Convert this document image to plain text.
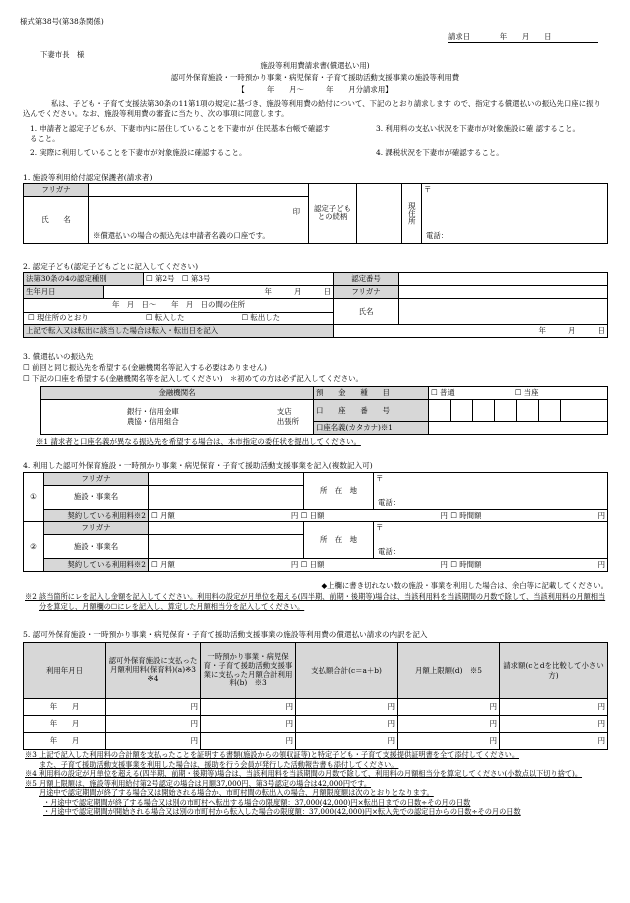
様式第38号(第38条関係)
請求日　　　　年　　月　　日
下妻市長　様
施設等利用費請求書(償還払い用)
認可外保育施設・一時預かり事業・病児保育・子育て援助活動支援事業の施設等利用費
【　　　年　　月～　　　年　　月分請求用】
私は、子ども・子育て支援法第30条の11第1項の規定に基づき、施設等利用費の給付について、下記のとおり請求します ので、指定する償還払いの振込先口座に振り込んでください。なお、施設等利用費の審査に当たり、次の事項に同意します。
1. 申請者と認定子どもが、下妻市内に居住していることを下妻市が 住民基本台帳で確認すること。
2. 実際に利用していることを下妻市が対象施設に確認すること。
3. 利用料の支払い状況を下妻市が対象施設に確 認すること。
4. 課税状況を下妻市が確認すること。
1. 施設等利用給付認定保護者(請求者)
フリガナ		認定子どもとの続柄		現住所	〒
電話：

氏　　名	印
※償還払いの場合の振込先は申請者名義の口座です。				
2. 認定子ども(認定子どもごとに記入してください)
法第30条の4の認定種別		☐ 第2号　 ☐ 第3号	認定番号	
生年月日	年　　　月　　　日		フリガナ	

年　月　日～　　年　月　日の間の住所
☐ 現住所のとおり ☐ 転入した ☐ 転出した			氏名	
上記で転入又は転出に該当した場合は転入・転出日を記入			年　　　月　　　日	
3. 償還払いの振込先
☐ 前回と同じ振込先を希望する(金融機関名等記入する必要はありません)
☐ 下記の口座を希望する(金融機関名等を記入してください)　＊初めての方は必ず記入してください。
金融機関名	預　　金　　種　　目	☐ 普通 ☐ 当座						

銀行・信用金庫
農協・信用組合
支店
出張所	口　　座　　番　　号							
	口座名義(カタカナ)※1							
※1 請求者と口座名義が異なる振込先を希望する場合は、本市指定の委任状を提出してください。
4. 利用した認可外保育施設・一時預かり事業・病児保育・子育て援助活動支援事業を記入(複数記入可)
①	フリガナ		所　在　地	〒
電話：

	施設・事業名			
	契約している利用料※2	☐ 月額 円 ☐ 日額 円 ☐ 時間額 円		

②	フリガナ		所　在　地	〒
電話：

	施設・事業名			
	契約している利用料※2	☐ 月額 円 ☐ 日額 円 ☐ 時間額 円		
◆上欄に書き切れない数の施設・事業を利用した場合は、余白等に記載してください。
※2 該当箇所にレを記入し金額を記入してください。利用料の設定が月単位を超える(四半期、前期・後期等)場合は、当該利用料を当該期間の月数で除して、当該利用料の月額相当分を算定し、月額欄の☐にレを記入し、算定した月額相当分を記入してください。
5. 認可外保育施設・一時預かり事業・病児保育・子育て援助活動支援事業の施設等利用費の償還払い請求の内訳を記入
利用年月日	認可外保育施設に支払った月額利用料(保育料)(a)※3 ※4	一時預かり事業・病児保育・子育て援助活動支援事業に支払った月額合計利用料(b)　※3	支払額合計(c＝a＋b)	月額上限額(d)　※5	請求額(cとdを比較して小さい方)
年　　月	円	円	円	円	円
年　　月	円	円	円	円	円
年　　月	円	円	円	円	円
※3 上記で記入した利用料の合計額を支払ったことを証明する書類(施設からの領収証等)と特定子ども・子育て支援提供証明書を全て添付してください。
また、子育て援助活動支援事業を利用した場合は、援助を行う会員が発行した活動報告書も添付してください。
※4 利用料の設定が月単位を超える(四半期、前期・後期等)場合は、当該利用料を当該期間の月数で除して、利用料の月額相当分を算定してください(小数点以下切り捨て)。
※5 月額上限額は、施設等利用給付第2号認定の場合は月額37,000円、第3号認定の場合は42,000円です。
月途中で認定期間が終了する場合又は開始される場合か、市町村間の転出入の場合、月額限度額は次のとおりとなります。
・月途中で認定期間が終了する場合又は別の市町村へ転出する場合の限度額：37,000(42,000)円×転出日までの日数÷その月の日数
・月途中で認定期間が開始される場合又は別の市町村から転入した場合の限度額：37,000(42,000)円×転入先での認定日からの日数÷その月の日数
